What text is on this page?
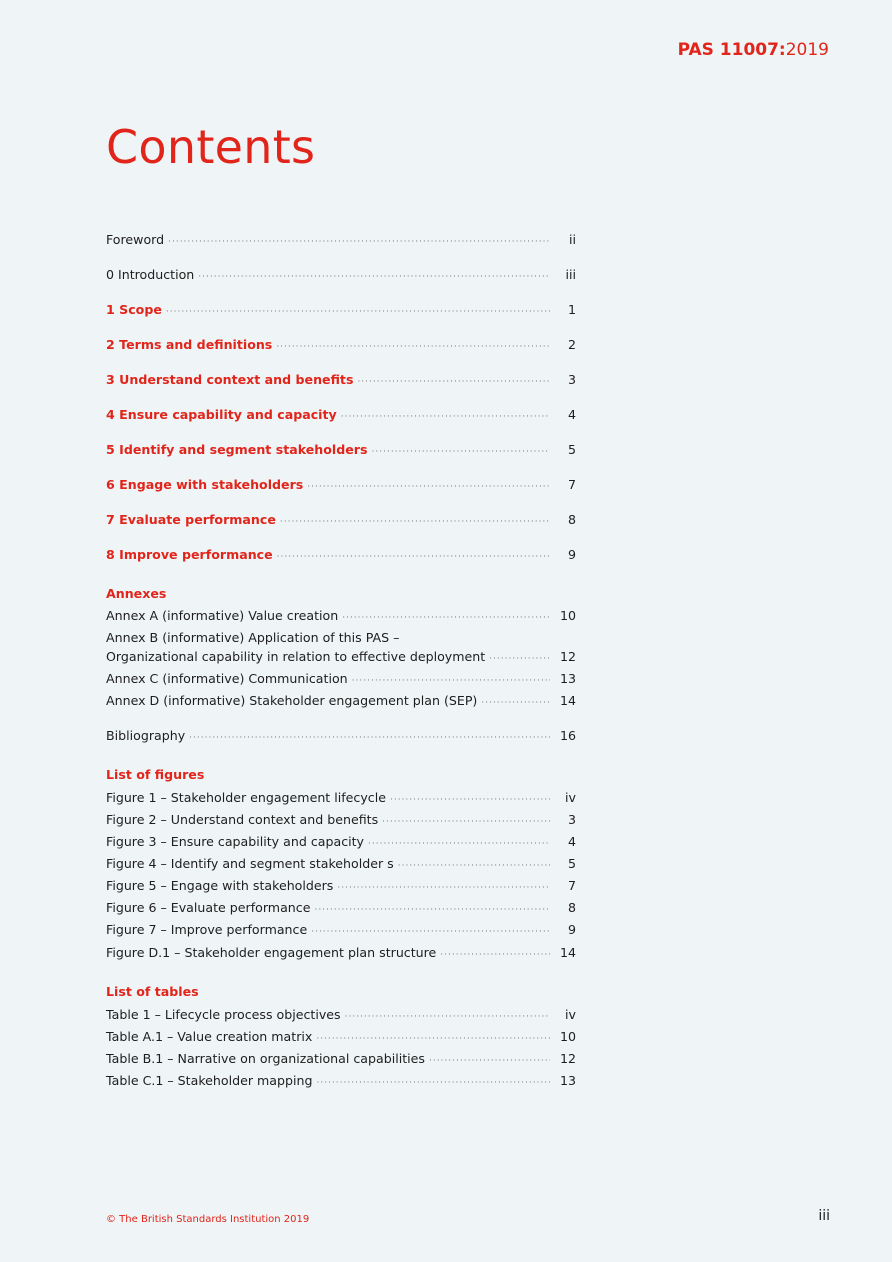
PAS 11007:2019
Contents
Foreword ·····	ii
0 Introduction ·····	iii
1 Scope ·····	1
2 Terms and definitions ·····	2
3 Understand context and benefits ·····	3
4 Ensure capability and capacity ·····	4
5 Identify and segment stakeholders ·····	5
6 Engage with stakeholders ·····	7
7 Evaluate performance ·····	8
8 Improve performance ·····	9
Annexes
Annex A (informative) Value creation ·····	10
Annex B (informative) Application of this PAS –
Organizational capability in relation to effective deployment ·····	12
Annex C (informative) Communication ·····	13
Annex D (informative) Stakeholder engagement plan (SEP) ·····	14
Bibliography ·····	16
List of figures
Figure 1 – Stakeholder engagement lifecycle ·····	iv
Figure 2 – Understand context and benefits ·····	3
Figure 3 – Ensure capability and capacity ·····	4
Figure 4 – Identify and segment stakeholder s ·····	5
Figure 5 – Engage with stakeholders ·····	7
Figure 6 – Evaluate performance ·····	8
Figure 7 – Improve performance ·····	9
Figure D.1 – Stakeholder engagement plan structure ·····	14
List of tables
Table 1 – Lifecycle process objectives ·····	iv
Table A.1 – Value creation matrix ·····	10
Table B.1 – Narrative on organizational capabilities ·····	12
Table C.1 – Stakeholder mapping ·····	13
© The British Standards Institution 2019	iii
